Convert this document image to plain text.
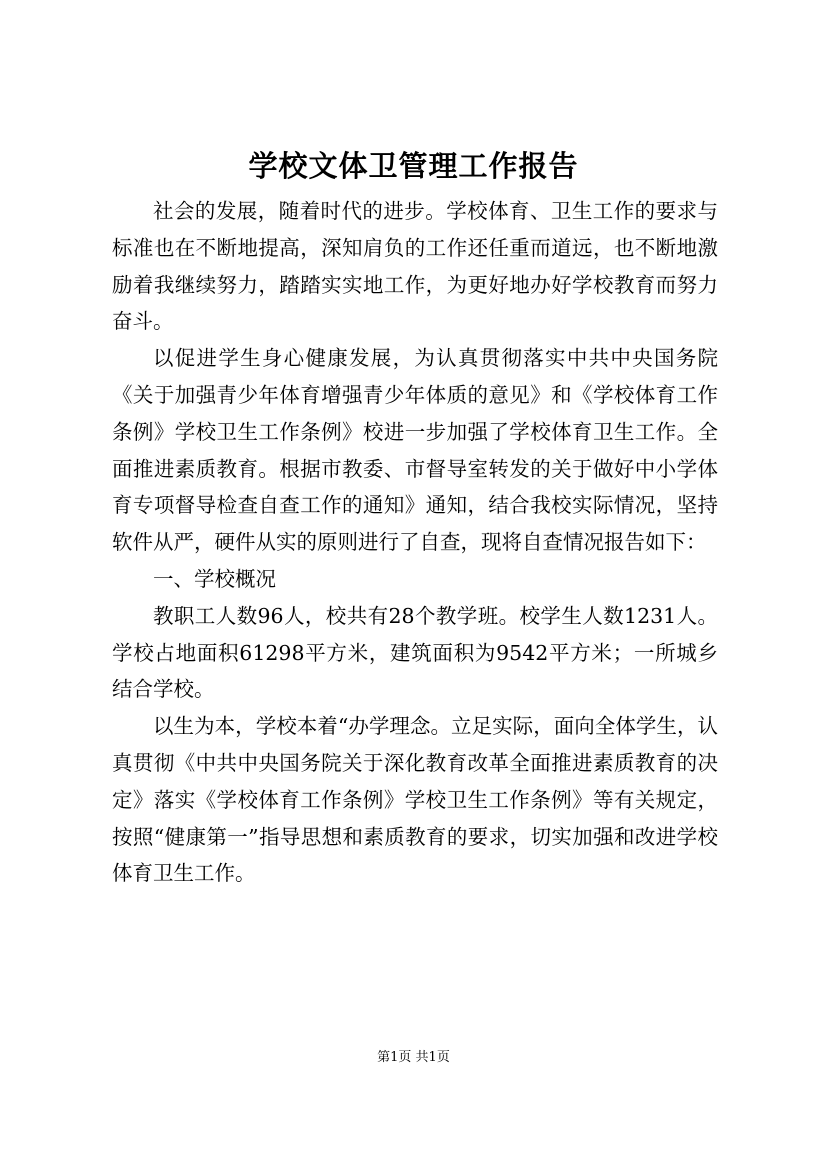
学校文体卫管理工作报告

社会的发展，随着时代的进步。学校体育、卫生工作的要求与标准也在不断地提高，深知肩负的工作还任重而道远，也不断地激励着我继续努力，踏踏实实地工作，为更好地办好学校教育而努力奋斗。

以促进学生身心健康发展，为认真贯彻落实中共中央国务院《关于加强青少年体育增强青少年体质的意见》和《学校体育工作条例》学校卫生工作条例》校进一步加强了学校体育卫生工作。全面推进素质教育。根据市教委、市督导室转发的关于做好中小学体育专项督导检查自查工作的通知》通知，结合我校实际情况，坚持软件从严，硬件从实的原则进行了自查，现将自查情况报告如下：

一、学校概况

教职工人数96人，校共有28个教学班。校学生人数1231人。学校占地面积61298平方米，建筑面积为9542平方米；一所城乡结合学校。

以生为本，学校本着“办学理念。立足实际，面向全体学生，认真贯彻《中共中央国务院关于深化教育改革全面推进素质教育的决定》落实《学校体育工作条例》学校卫生工作条例》等有关规定，按照“健康第一”指导思想和素质教育的要求，切实加强和改进学校体育卫生工作。

第1页 共1页
